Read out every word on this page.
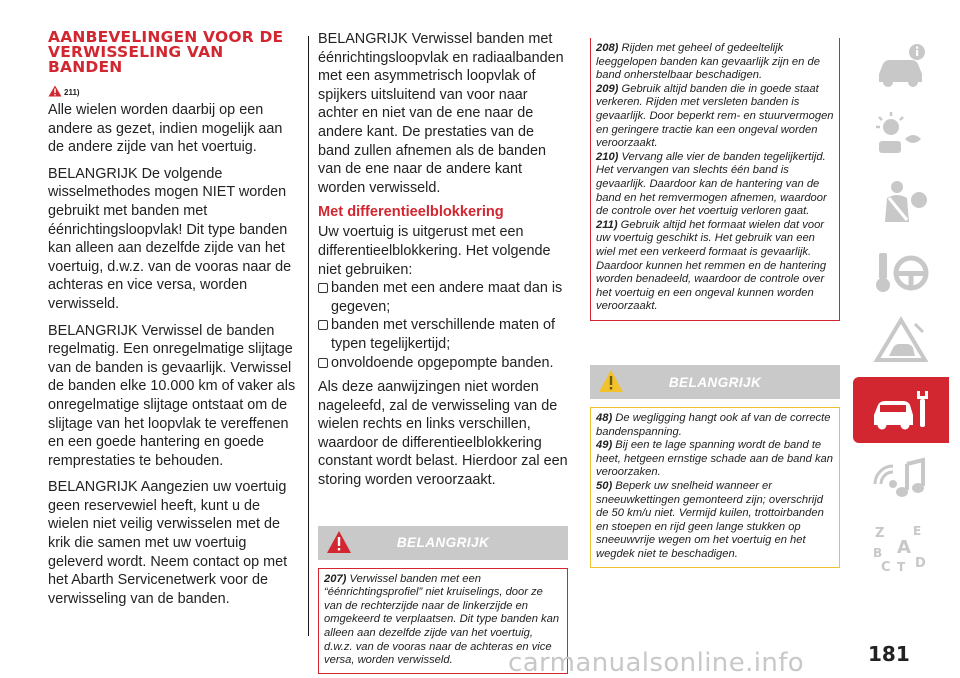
AANBEVELINGEN VOOR DE VERWISSELING VAN BANDEN
211)

Alle wielen worden daarbij op een andere as gezet, indien mogelijk aan de andere zijde van het voertuig.

BELANGRIJK De volgende wisselmethodes mogen NIET worden gebruikt met banden met éénrichtingsloopvlak! Dit type banden kan alleen aan dezelfde zijde van het voertuig, d.w.z. van de vooras naar de achteras en vice versa, worden verwisseld.

BELANGRIJK Verwissel de banden regelmatig. Een onregelmatige slijtage van de banden is gevaarlijk. Verwissel de banden elke 10.000 km of vaker als onregelmatige slijtage ontstaat om de slijtage van het loopvlak te vereffenen en een goede hantering en goede remprestaties te behouden.

BELANGRIJK Aangezien uw voertuig geen reservewiel heeft, kunt u de wielen niet veilig verwisselen met de krik die samen met uw voertuig geleverd wordt. Neem contact op met het Abarth Servicenetwerk voor de verwisseling van de banden.

BELANGRIJK Verwissel banden met éénrichtingsloopvlak en radiaalbanden met een asymmetrisch loopvlak of spijkers uitsluitend van voor naar achter en niet van de ene naar de andere kant. De prestaties van de band zullen afnemen als de banden van de ene naar de andere kant worden verwisseld.

Met differentieelblokkering

Uw voertuig is uitgerust met een differentieelblokkering. Het volgende niet gebruiken:

banden met een andere maat dan is gegeven;
banden met verschillende maten of typen tegelijkertijd;
onvoldoende opgepompte banden.

Als deze aanwijzingen niet worden nageleefd, zal de verwisseling van de wielen rechts en links verschillen, waardoor de differentieelblokkering constant wordt belast. Hierdoor zal een storing worden veroorzaakt.

BELANGRIJK
207) Verwissel banden met een “éénrichtingsprofiel” niet kruiselings, door ze van de rechterzijde naar de linkerzijde en omgekeerd te verplaatsen. Dit type banden kan alleen aan dezelfde zijde van het voertuig, d.w.z. van de vooras naar de achteras en vice versa, worden verwisseld.
208) Rijden met geheel of gedeeltelijk leeggelopen banden kan gevaarlijk zijn en de band onherstelbaar beschadigen.
209) Gebruik altijd banden die in goede staat verkeren. Rijden met versleten banden is gevaarlijk. Door beperkt rem- en stuurvermogen en geringere tractie kan een ongeval worden veroorzaakt.
210) Vervang alle vier de banden tegelijkertijd. Het vervangen van slechts één band is gevaarlijk. Daardoor kan de hantering van de band en het remvermogen afnemen, waardoor de controle over het voertuig verloren gaat.
211) Gebruik altijd het formaat wielen dat voor uw voertuig geschikt is. Het gebruik van een wiel met een verkeerd formaat is gevaarlijk. Daardoor kunnen het remmen en de hantering worden benadeeld, waardoor de controle over het voertuig en een ongeval kunnen worden veroorzaakt.
BELANGRIJK
48) De wegligging hangt ook af van de correcte bandenspanning.
49) Bij een te lage spanning wordt de band te heet, hetgeen ernstige schade aan de band kan veroorzaken.
50) Beperk uw snelheid wanneer er sneeuwkettingen gemonteerd zijn; overschrijd de 50 km/u niet. Vermijd kuilen, trottoirbanden en stoepen en rijd geen lange stukken op sneeuwvrije wegen om het voertuig en het wegdek niet te beschadigen.
Z E
A
B
C T D
carmanualsonline.info	181
